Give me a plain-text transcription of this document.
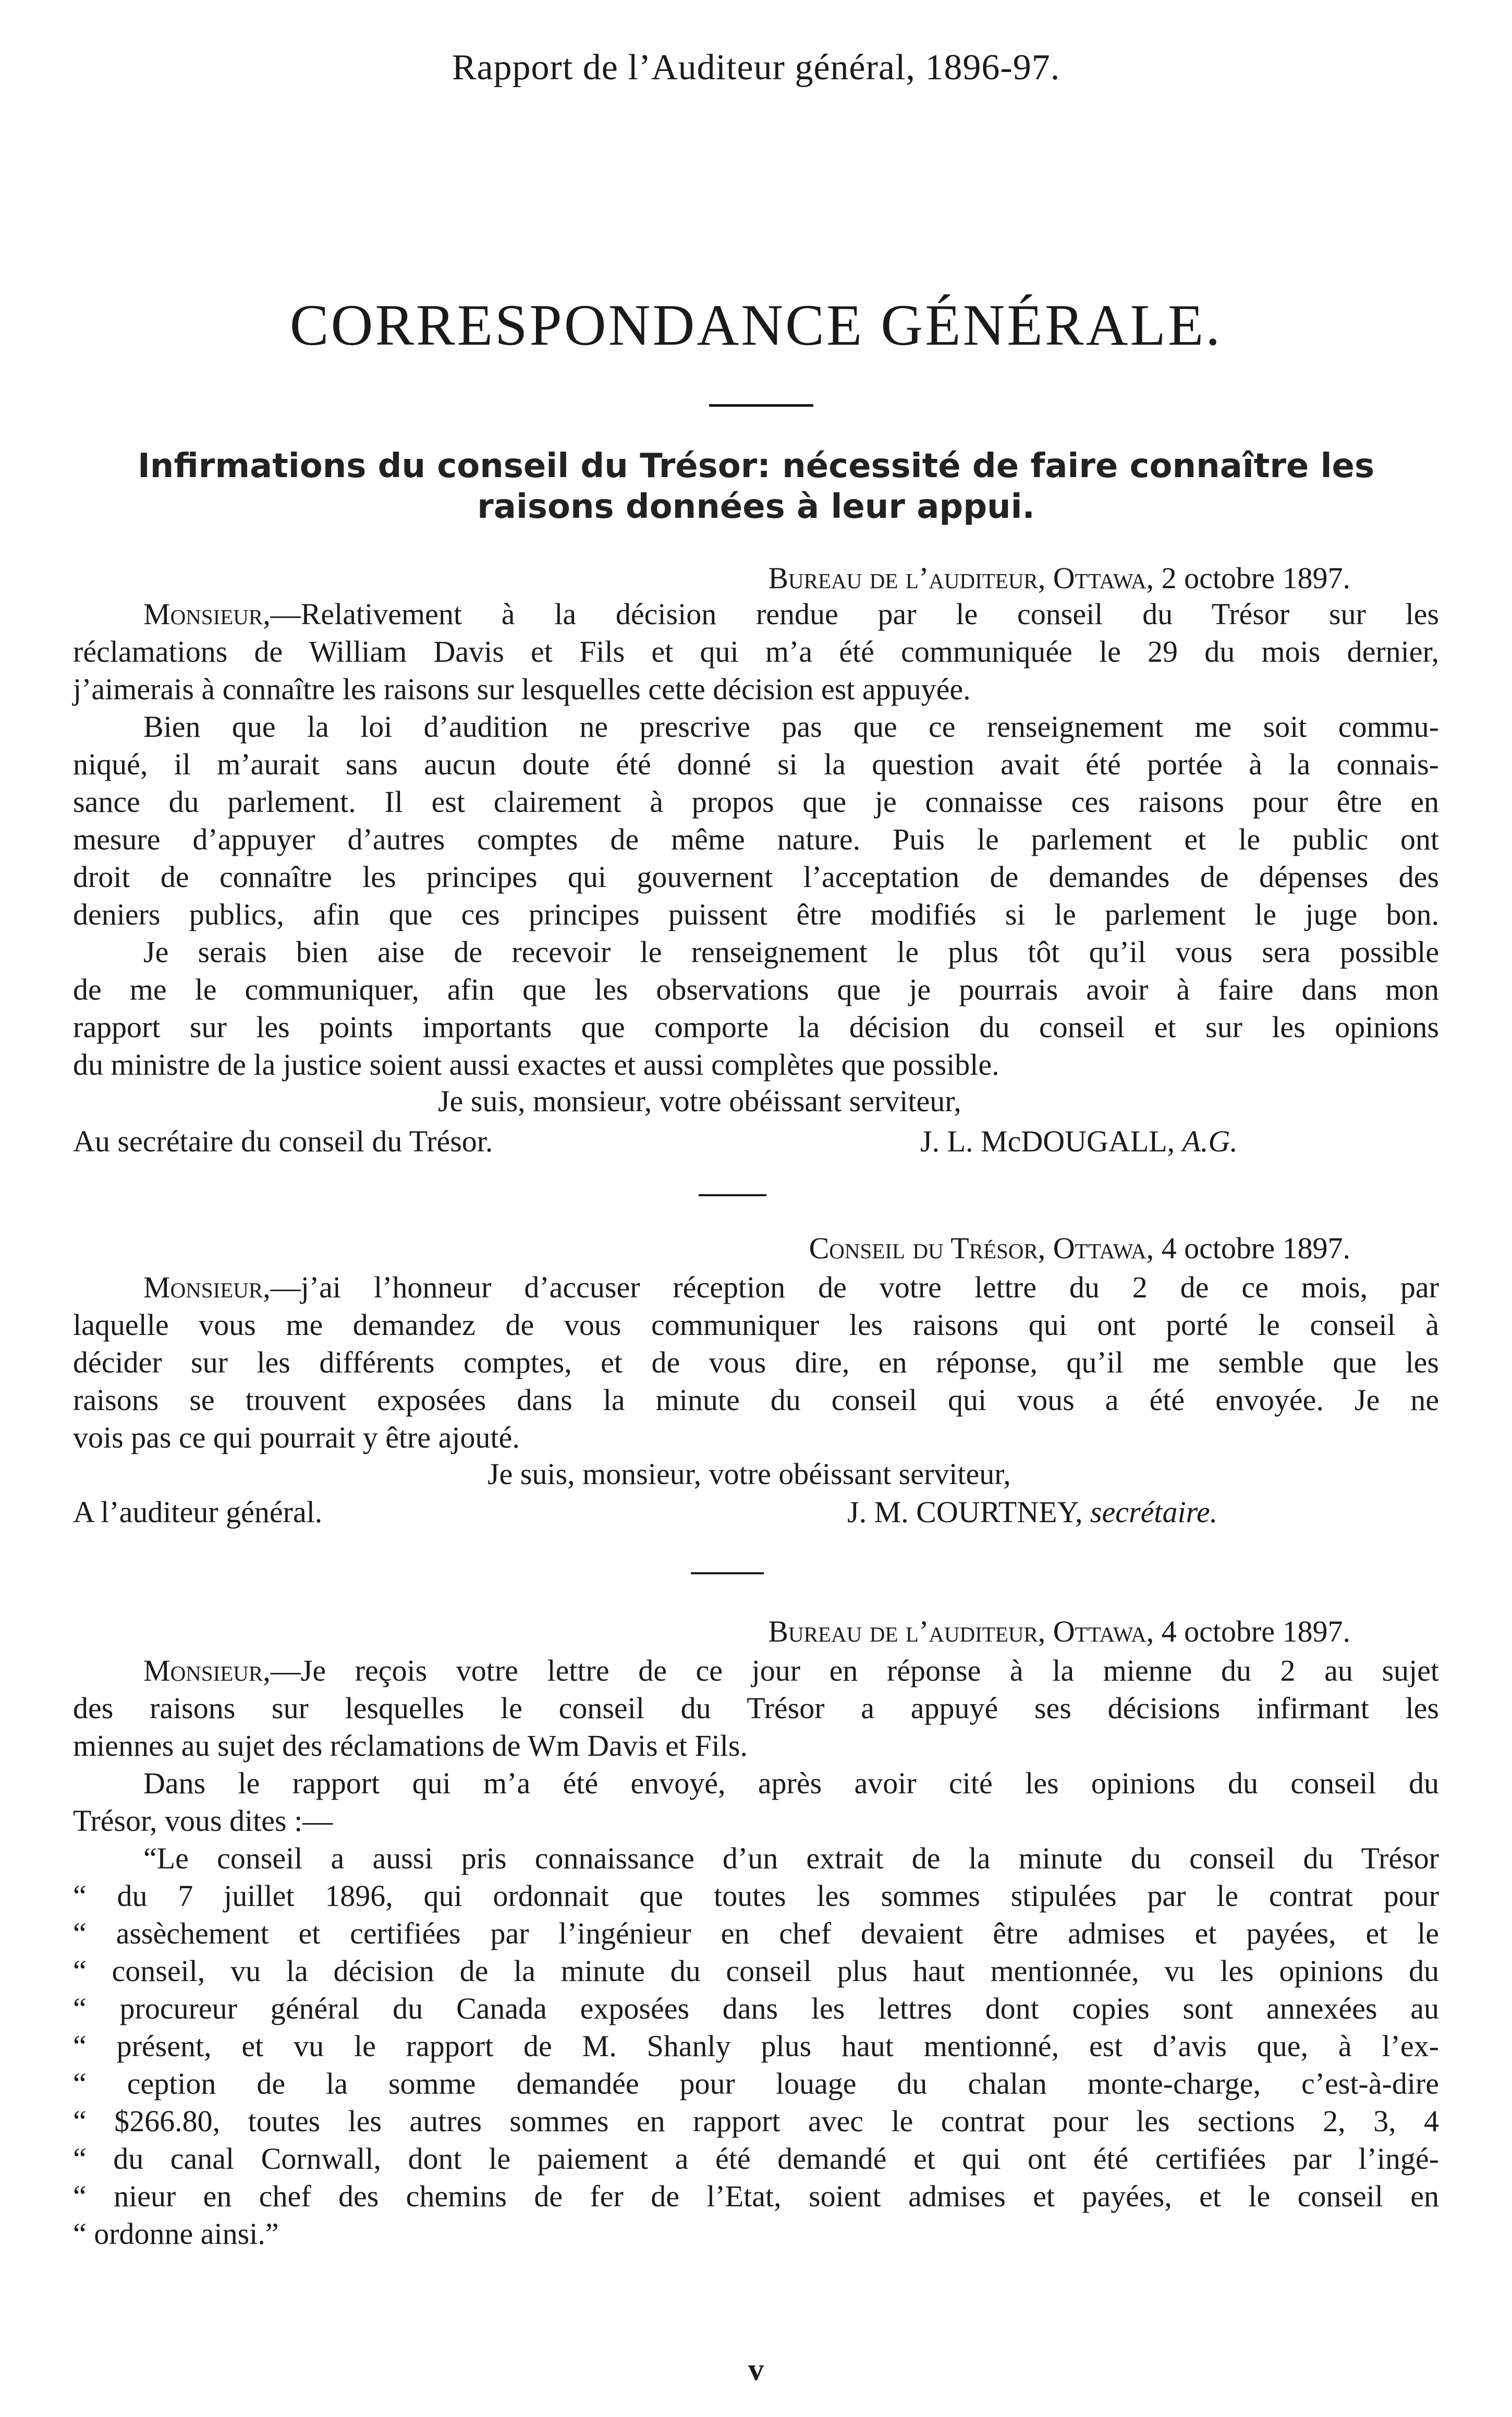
Rapport de l’Auditeur général, 1896-97.
CORRESPONDANCE GÉNÉRALE.
Infirmations du conseil du Trésor: nécessité de faire connaître les
raisons données à leur appui.
Bureau de l’auditeur, Ottawa, 2 octobre 1897.
Monsieur,—Relativement à la décision rendue par le conseil du Trésor sur les
réclamations de William Davis et Fils et qui m’a été communiquée le 29 du mois dernier,
j’aimerais à connaître les raisons sur lesquelles cette décision est appuyée.
Bien que la loi d’audition ne prescrive pas que ce renseignement me soit commu-
niqué, il m’aurait sans aucun doute été donné si la question avait été portée à la connais-
sance du parlement. Il est clairement à propos que je connaisse ces raisons pour être en
mesure d’appuyer d’autres comptes de même nature. Puis le parlement et le public ont
droit de connaître les principes qui gouvernent l’acceptation de demandes de dépenses des
deniers publics, afin que ces principes puissent être modifiés si le parlement le juge bon.
Je serais bien aise de recevoir le renseignement le plus tôt qu’il vous sera possible
de me le communiquer, afin que les observations que je pourrais avoir à faire dans mon
rapport sur les points importants que comporte la décision du conseil et sur les opinions
du ministre de la justice soient aussi exactes et aussi complètes que possible.
Je suis, monsieur, votre obéissant serviteur,
Au secrétaire du conseil du Trésor.	J. L. McDOUGALL, A.G.
Conseil du Trésor, Ottawa, 4 octobre 1897.
Monsieur,—j’ai l’honneur d’accuser réception de votre lettre du 2 de ce mois, par
laquelle vous me demandez de vous communiquer les raisons qui ont porté le conseil à
décider sur les différents comptes, et de vous dire, en réponse, qu’il me semble que les
raisons se trouvent exposées dans la minute du conseil qui vous a été envoyée. Je ne
vois pas ce qui pourrait y être ajouté.
Je suis, monsieur, votre obéissant serviteur,
A l’auditeur général.	J. M. COURTNEY, secrétaire.
Bureau de l’auditeur, Ottawa, 4 octobre 1897.
Monsieur,—Je reçois votre lettre de ce jour en réponse à la mienne du 2 au sujet
des raisons sur lesquelles le conseil du Trésor a appuyé ses décisions infirmant les
miennes au sujet des réclamations de Wm Davis et Fils.
Dans le rapport qui m’a été envoyé, après avoir cité les opinions du conseil du
Trésor, vous dites :—
“Le conseil a aussi pris connaissance d’un extrait de la minute du conseil du Trésor
“ du 7 juillet 1896, qui ordonnait que toutes les sommes stipulées par le contrat pour
“ assèchement et certifiées par l’ingénieur en chef devaient être admises et payées, et le
“ conseil, vu la décision de la minute du conseil plus haut mentionnée, vu les opinions du
“ procureur général du Canada exposées dans les lettres dont copies sont annexées au
“ présent, et vu le rapport de M. Shanly plus haut mentionné, est d’avis que, à l’ex-
“ ception de la somme demandée pour louage du chalan monte-charge, c’est-à-dire
“ $266.80, toutes les autres sommes en rapport avec le contrat pour les sections 2, 3, 4
“ du canal Cornwall, dont le paiement a été demandé et qui ont été certifiées par l’ingé-
“ nieur en chef des chemins de fer de l’Etat, soient admises et payées, et le conseil en
“ ordonne ainsi.”
v
